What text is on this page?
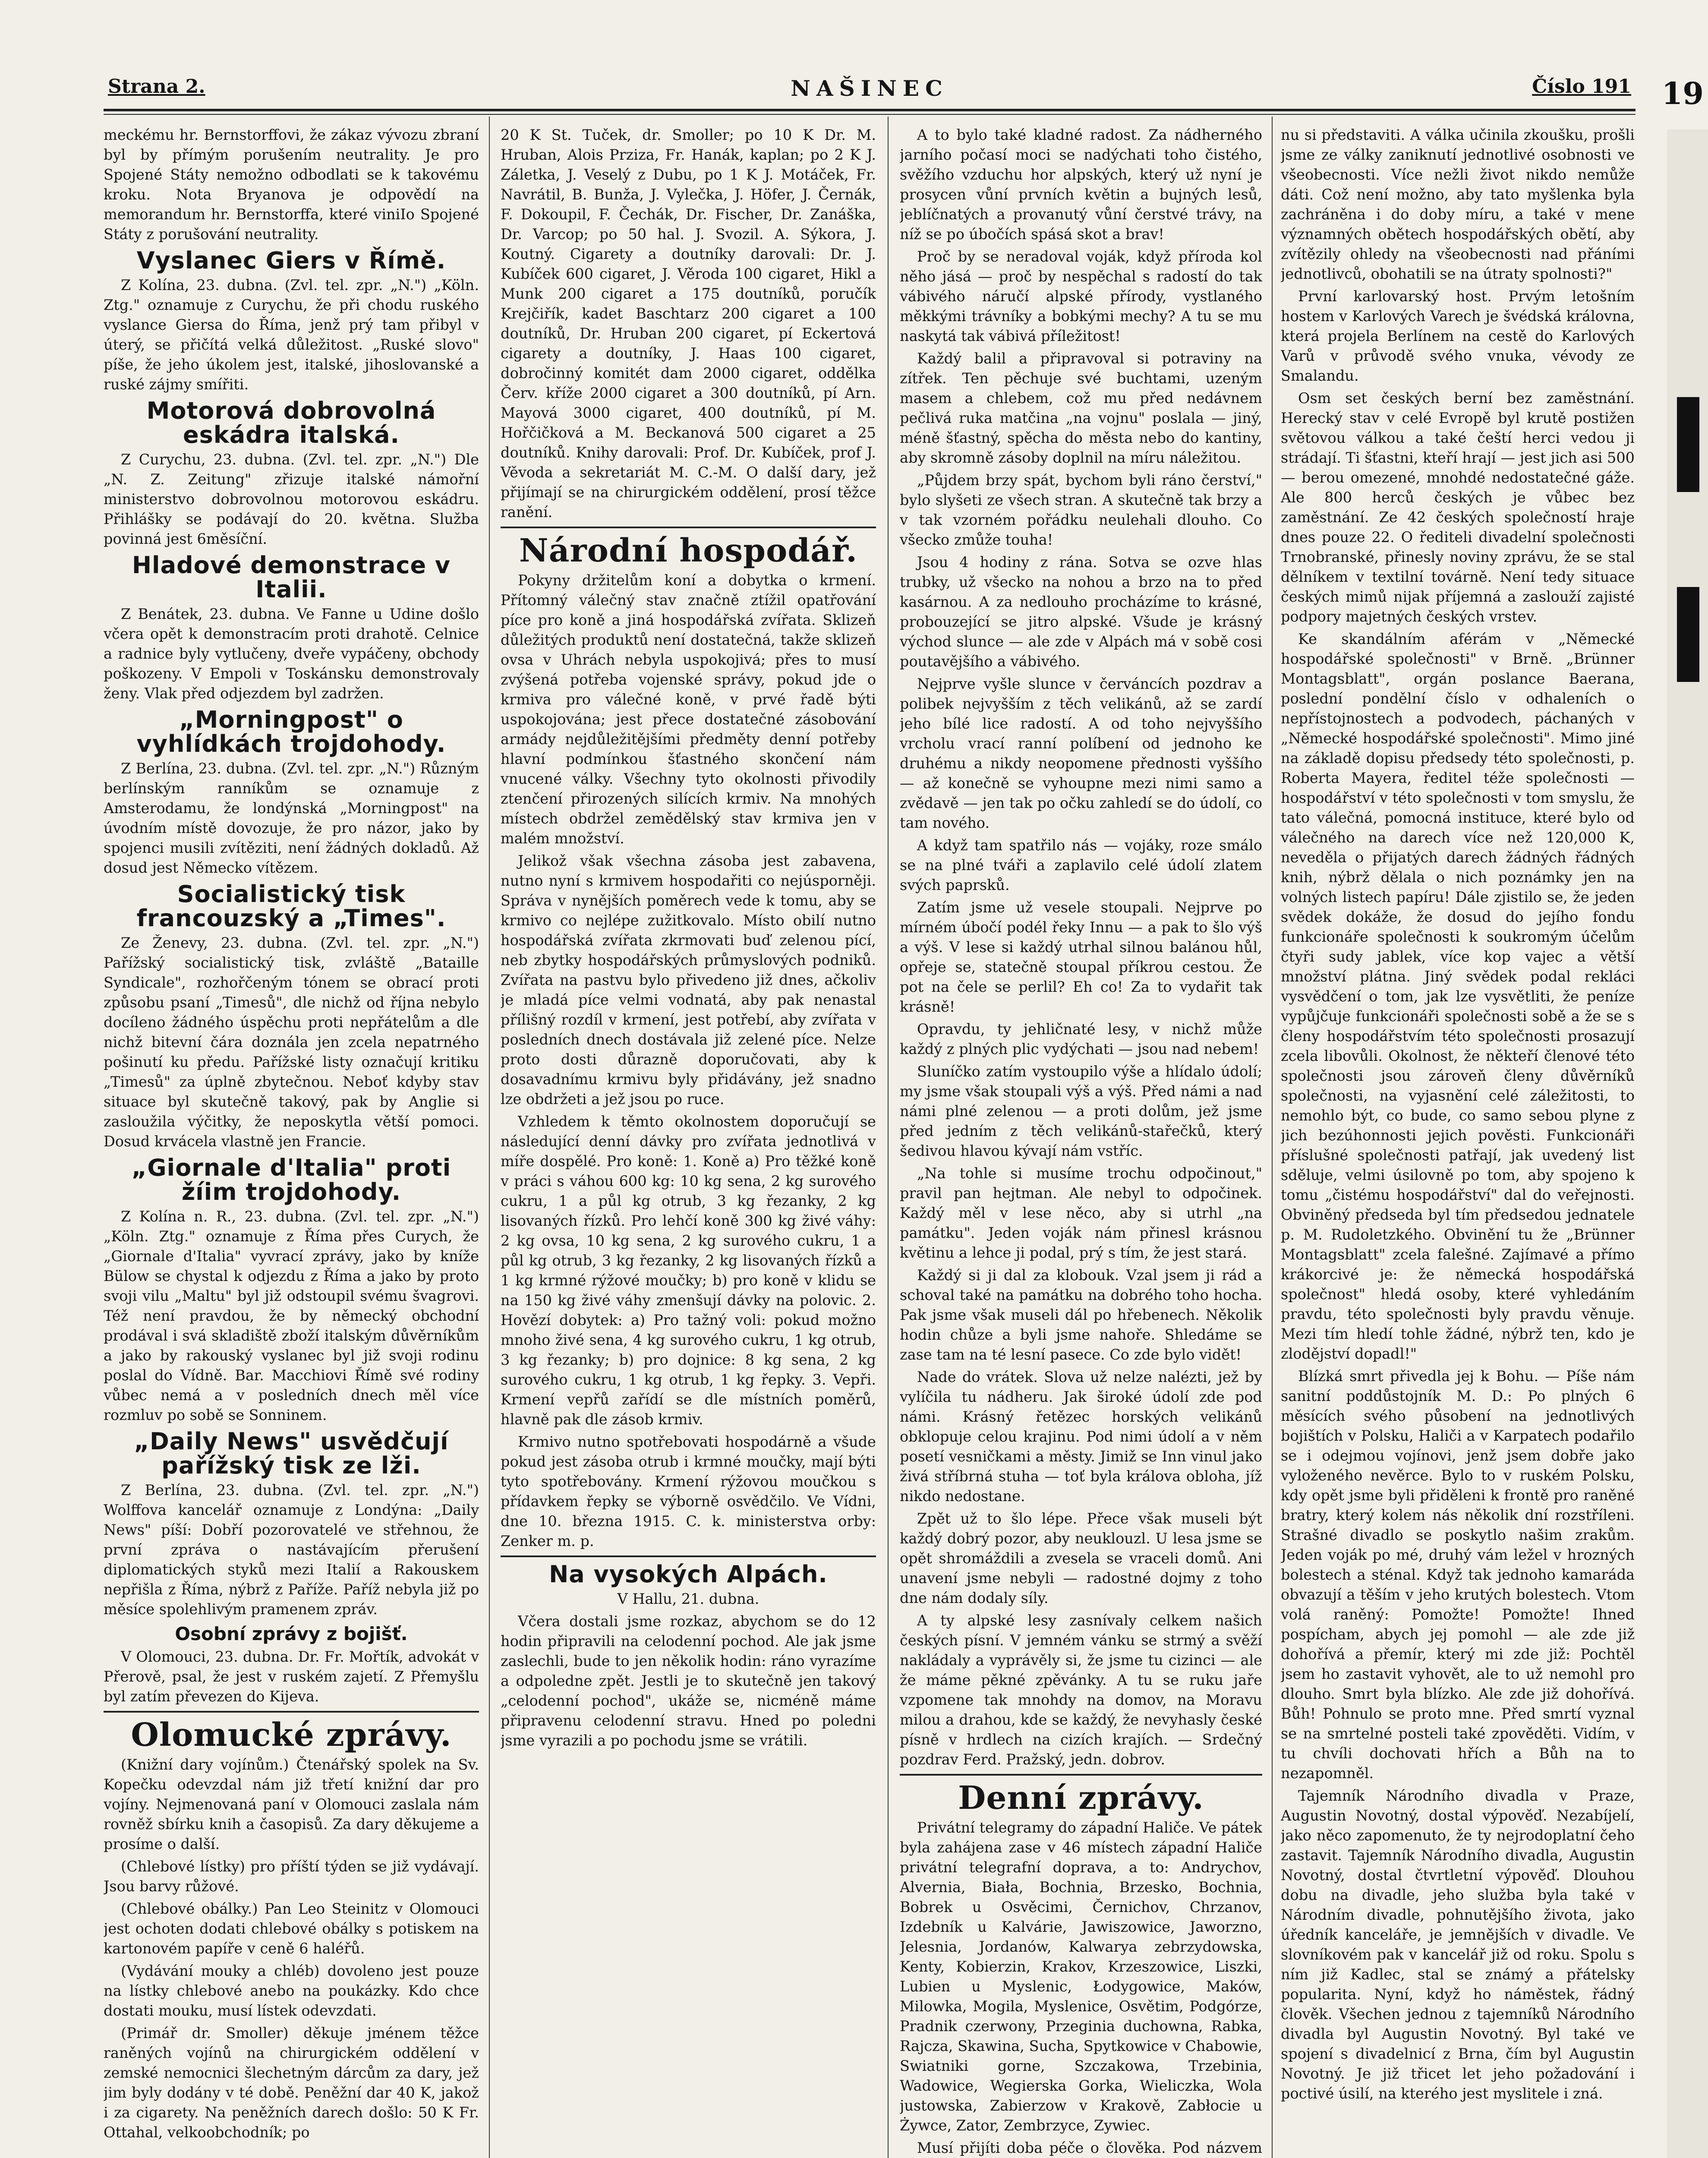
Strana 2.	NAŠINEC	Číslo 191 19

meckému hr. Bernstorffovi, že zákaz vývozu zbraní byl by přímým porušením neutrality. Je pro Spojené Státy nemožno odbodlati se k takovému kroku. Nota Bryanova je odpovědí na memorandum hr. Bernstorffa, které viniIo Spojené Státy z porušování neutrality.

Vyslanec Giers v Římě.

Z Kolína, 23. dubna. (Zvl. tel. zpr. „N.") „Köln. Ztg." oznamuje z Curychu, že při chodu ruského vyslance Giersa do Říma, jenž prý tam přibyl v úterý, se přičítá velká důležitost. „Ruské slovo" píše, že jeho úkolem jest, italské, jihoslovanské a ruské zájmy smířiti.

Motorová dobrovolná eskádra italská.

Z Curychu, 23. dubna. (Zvl. tel. zpr. „N.") Dle „N. Z. Zeitung" zřizuje italské námořní ministerstvo dobrovolnou motorovou eskádru. Přihlášky se podávají do 20. května. Služba povinná jest 6měsíční.

Hladové demonstrace v Italii.

Z Benátek, 23. dubna. Ve Fanne u Udine došlo včera opět k demonstracím proti drahotě. Celnice a radnice byly vytlučeny, dveře vypáčeny, obchody poškozeny. V Empoli v Toskánsku demonstrovaly ženy. Vlak před odjezdem byl zadržen.

„Morningpost" o vyhlídkách trojdohody.

Z Berlína, 23. dubna. (Zvl. tel. zpr. „N.") Různým berlínským ranníkům se oznamuje z Amsterodamu, že londýnská „Morningpost" na úvodním místě dovozuje, že pro názor, jako by spojenci musili zvítěziti, není žádných dokladů. Až dosud jest Německo vítězem.

Socialistický tisk francouzský a „Times".

Ze Ženevy, 23. dubna. (Zvl. tel. zpr. „N.") Pařížský socialistický tisk, zvláště „Bataille Syndicale", rozhořčeným tónem se obrací proti způsobu psaní „Timesů", dle nichž od října nebylo docíleno žádného úspěchu proti nepřátelům a dle nichž bitevní čára doznála jen zcela nepatrného pošinutí ku předu. Pařížské listy označují kritiku „Timesů" za úplně zbytečnou. Neboť kdyby stav situace byl skutečně takový, pak by Anglie si zasloužila výčitky, že neposkytla větší pomoci. Dosud krvácela vlastně jen Francie.

„Giornale d'Italia" proti žíim trojdohody.

Z Kolína n. R., 23. dubna. (Zvl. tel. zpr. „N.") „Köln. Ztg." oznamuje z Říma přes Curych, že „Giornale d'Italia" vyvrací zprávy, jako by kníže Bülow se chystal k odjezdu z Říma a jako by proto svoji vilu „Maltu" byl již odstoupil svému švagrovi. Též není pravdou, že by německý obchodní prodával i svá skladiště zboží italským důvěrníkům a jako by rakouský vyslanec byl již svoji rodinu poslal do Vídně. Bar. Macchiovi Římě své rodiny vůbec nemá a v posledních dnech měl více rozmluv po sobě se Sonninem.

„Daily News" usvědčují pařížský tisk ze lži.

Z Berlína, 23. dubna. (Zvl. tel. zpr. „N.") Wolffova kancelář oznamuje z Londýna: „Daily News" píší: Dobří pozorovatelé ve střehnou, že první zpráva o nastávajícím přerušení diplomatických styků mezi Italií a Rakouskem nepřišla z Říma, nýbrž z Paříže. Paříž nebyla již po měsíce spolehlivým pramenem zpráv.

Osobní zprávy z bojišť.

V Olomouci, 23. dubna. Dr. Fr. Mořtík, advokát v Přerově, psal, že jest v ruském zajetí. Z Přemyšlu byl zatím převezen do Kijeva.

Olomucké zprávy.

(Knižní dary vojínům.) Čtenářský spolek na Sv. Kopečku odevzdal nám již třetí knižní dar pro vojíny. Nejmenovaná paní v Olomouci zaslala nám rovněž sbírku knih a časopisů. Za dary děkujeme a prosíme o další.

(Chlebové lístky) pro příští týden se již vydávají. Jsou barvy růžové.

(Chlebové obálky.) Pan Leo Steinitz v Olomouci jest ochoten dodati chlebové obálky s potiskem na kartonovém papíře v ceně 6 haléřů.

(Vydávání mouky a chléb) dovoleno jest pouze na lístky chlebové anebo na poukázky. Kdo chce dostati mouku, musí lístek odevzdati.

(Primář dr. Smoller) děkuje jménem těžce raněných vojínů na chirurgickém oddělení v zemské nemocnici šlechetným dárcům za dary, jež jim byly dodány v té době. Peněžní dar 40 K, jakož i za cigarety. Na peněžních darech došlo: 50 K Fr. Ottahal, velkoobchodník; po

20 K St. Tuček, dr. Smoller; po 10 K Dr. M. Hruban, Alois Prziza, Fr. Hanák, kaplan; po 2 K J. Záletka, J. Veselý z Dubu, po 1 K J. Motáček, Fr. Navrátil, B. Bunža, J. Vylečka, J. Höfer, J. Černák, F. Dokoupil, F. Čechák, Dr. Fischer, Dr. Zanáška, Dr. Varcop; po 50 hal. J. Svozil. A. Sýkora, J. Koutný. Cigarety a doutníky darovali: Dr. J. Kubíček 600 cigaret, J. Věroda 100 cigaret, Hikl a Munk 200 cigaret a 175 doutníků, poručík Krejčiřík, kadet Baschtarz 200 cigaret a 100 doutníků, Dr. Hruban 200 cigaret, pí Eckertová cigarety a doutníky, J. Haas 100 cigaret, dobročinný komitét dam 2000 cigaret, oddělka Červ. kříže 2000 cigaret a 300 doutníků, pí Arn. Mayová 3000 cigaret, 400 doutníků, pí M. Hořčičková a M. Beckanová 500 cigaret a 25 doutníků. Knihy darovali: Prof. Dr. Kubíček, prof J. Věvoda a sekretariát M. C.-M. O další dary, jež přijímají se na chirurgickém oddělení, prosí těžce ranění.

Národní hospodář.

Pokyny držitelům koní a dobytka o krmení. Přítomný válečný stav značně ztížil opatřování píce pro koně a jiná hospodářská zvířata. Sklizeň důležitých produktů není dostatečná, takže sklizeň ovsa v Uhrách nebyla uspokojivá; přes to musí zvýšená potřeba vojenské správy, pokud jde o krmiva pro válečné koně, v prvé řadě býti uspokojována; jest přece dostatečné zásobování armády nejdůležitějšími předměty denní potřeby hlavní podmínkou šťastného skončení nám vnucené války. Všechny tyto okolnosti přivodily ztenčení přirozených silících krmiv. Na mnohých místech obdržel zemědělský stav krmiva jen v malém množství.

Jelikož však všechna zásoba jest zabavena, nutno nyní s krmivem hospodařiti co nejúsporněji. Správa v nynějších poměrech vede k tomu, aby se krmivo co nejlépe zužitkovalo. Místo obilí nutno hospodářská zvířata zkrmovati buď zelenou pící, neb zbytky hospodářských průmyslových podniků. Zvířata na pastvu bylo přivedeno již dnes, ačkoliv je mladá píce velmi vodnatá, aby pak nenastal přílišný rozdíl v krmení, jest potřebí, aby zvířata v posledních dnech dostávala již zelené píce. Nelze proto dosti důrazně doporučovati, aby k dosavadnímu krmivu byly přidávány, jež snadno lze obdržeti a jež jsou po ruce.

Vzhledem k těmto okolnostem doporučují se následující denní dávky pro zvířata jednotlivá v míře dospělé. Pro koně: 1. Koně a) Pro těžké koně v práci s váhou 600 kg: 10 kg sena, 2 kg surového cukru, 1 a půl kg otrub, 3 kg řezanky, 2 kg lisovaných řízků. Pro lehčí koně 300 kg živé váhy: 2 kg ovsa, 10 kg sena, 2 kg surového cukru, 1 a půl kg otrub, 3 kg řezanky, 2 kg lisovaných řízků a 1 kg krmné rýžové moučky; b) pro koně v klidu se na 150 kg živé váhy zmenšují dávky na polovic. 2. Hovězí dobytek: a) Pro tažný voli: pokud možno mnoho živé sena, 4 kg surového cukru, 1 kg otrub, 3 kg řezanky; b) pro dojnice: 8 kg sena, 2 kg surového cukru, 1 kg otrub, 1 kg řepky. 3. Vepři. Krmení vepřů zařídí se dle místních poměrů, hlavně pak dle zásob krmiv.

Krmivo nutno spotřebovati hospodárně a všude pokud jest zásoba otrub i krmné moučky, mají býti tyto spotřebovány. Krmení rýžovou moučkou s přídavkem řepky se výborně osvědčilo. Ve Vídni, dne 10. března 1915. C. k. ministerstva orby: Zenker m. p.

Na vysokých Alpách.

V Hallu, 21. dubna.

Včera dostali jsme rozkaz, abychom se do 12 hodin připravili na celodenní pochod. Ale jak jsme zaslechli, bude to jen několik hodin: ráno vyrazíme a odpoledne zpět. Jestli je to skutečně jen takový „celodenní pochod", ukáže se, nicméně máme připravenu celodenní stravu. Hned po poledni jsme vyrazili a po pochodu jsme se vrátili.

A to bylo také kladné radost. Za nádherného jarního počasí moci se nadýchati toho čistého, svěžího vzduchu hor alpských, který už nyní je prosycen vůní prvních květin a bujných lesů, jeblíčnatých a provanutý vůní čerstvé trávy, na níž se po úbočích spásá skot a brav!

Proč by se neradoval voják, když příroda kol něho jásá — proč by nespěchal s radostí do tak vábivého náručí alpské přírody, vystlaného měkkými trávníky a bobkými mechy? A tu se mu naskytá tak vábivá příležitost!

Každý balil a připravoval si potraviny na zítřek. Ten pěchuje své buchtami, uzeným masem a chlebem, což mu před nedávnem pečlivá ruka matčina „na vojnu" poslala — jiný, méně šťastný, spěcha do města nebo do kantiny, aby skromně zásoby doplnil na míru náležitou.

„Půjdem brzy spát, bychom byli ráno čerství," bylo slyšeti ze všech stran. A skutečně tak brzy a v tak vzorném pořádku neulehali dlouho. Co všecko zmůže touha!

Jsou 4 hodiny z rána. Sotva se ozve hlas trubky, už všecko na nohou a brzo na to před kasárnou. A za nedlouho procházíme to krásné, probouzející se jitro alpské. Všude je krásný východ slunce — ale zde v Alpách má v sobě cosi poutavějšího a vábivého.

Nejprve vyšle slunce v červáncích pozdrav a polibek nejvyšším z těch velikánů, až se zardí jeho bílé lice radostí. A od toho nejvyššího vrcholu vrací ranní políbení od jednoho ke druhému a nikdy neopomene přednosti vyššího — až konečně se vyhoupne mezi nimi samo a zvědavě — jen tak po očku zahledí se do údolí, co tam nového.

A když tam spatřilo nás — vojáky, roze smálo se na plné tváři a zaplavilo celé údolí zlatem svých paprsků.

Zatím jsme už vesele stoupali. Nejprve po mírném úbočí podél řeky Innu — a pak to šlo výš a výš. V lese si každý utrhal silnou balánou hůl, opřeje se, statečně stoupal příkrou cestou. Že pot na čele se perlil? Eh co! Za to vydařit tak krásně!

Opravdu, ty jehličnaté lesy, v nichž může každý z plných plic vydýchati — jsou nad nebem!

Sluníčko zatím vystoupilo výše a hlídalo údolí; my jsme však stoupali výš a výš. Před námi a nad námi plné zelenou — a proti dolům, jež jsme před jedním z těch velikánů-stařečků, který šedivou hlavou kývají nám vstříc.

„Na tohle si musíme trochu odpočinout," pravil pan hejtman. Ale nebyl to odpočinek. Každý měl v lese něco, aby si utrhl „na památku". Jeden voják nám přinesl krásnou květinu a lehce ji podal, prý s tím, že jest stará.

Každý si ji dal za klobouk. Vzal jsem ji rád a schoval také na památku na dobrého toho hocha. Pak jsme však museli dál po hřebenech. Několik hodin chůze a byli jsme nahoře. Shledáme se zase tam na té lesní pasece. Co zde bylo vidět!

Nade do vrátek. Slova už nelze nalézti, jež by vylíčila tu nádheru. Jak široké údolí zde pod námi. Krásný řetězec horských velikánů obklopuje celou krajinu. Pod nimi údolí a v něm posetí vesničkami a městy. Jimiž se Inn vinul jako živá stříbrná stuha — toť byla králova obloha, jíž nikdo nedostane.

Zpět už to šlo lépe. Přece však museli být každý dobrý pozor, aby neuklouzl. U lesa jsme se opět shromáždili a zvesela se vraceli domů. Ani unavení jsme nebyli — radostné dojmy z toho dne nám dodaly síly.

A ty alpské lesy zasnívaly celkem našich českých písní. V jemném vánku se strmý a svěží nakládaly a vyprávěly si, že jsme tu cizinci — ale že máme pěkné zpěvánky. A tu se ruku jaře vzpomene tak mnohdy na domov, na Moravu milou a drahou, kde se každý, že nevyhasly české písně v hrdlech na cizích krajích. — Srdečný pozdrav Ferd. Pražský, jedn. dobrov.

Denní zprávy.

Privátní telegramy do západní Haliče. Ve pátek byla zahájena zase v 46 místech západní Haliče privátní telegrafní doprava, a to: Andrychov, Alvernia, Biała, Bochnia, Brzesko, Bochnia, Bobrek u Osvěcimi, Černichov, Chrzanov, Izdebník u Kalvárie, Jawiszowice, Jaworzno, Jelesnia, Jordanów, Kalwarya zebrzydowska, Kenty, Kobierzin, Krakov, Krzeszowice, Liszki, Lubien u Myslenic, Łodygowice, Maków, Milowka, Mogila, Myslenice, Osvětim, Podgórze, Pradnik czerwony, Przeginia duchowna, Rabka, Rajcza, Skawina, Sucha, Spytkowice v Chabowie, Swiatniki gorne, Szczakowa, Trzebinia, Wadowice, Wegierska Gorka, Wieliczka, Wola justowska, Zabierzow v Krakově, Zabłocie u Żywce, Zator, Zembrzyce, Zywiec.

Musí přijíti doba péče o člověka. Pod názvem

nu si představiti. A válka učinila zkoušku, prošli jsme ze války zaniknutí jednotlivé osobnosti ve všeobecnosti. Více nežli život nikdo nemůže dáti. Což není možno, aby tato myšlenka byla zachráněna i do doby míru, a také v mene významných obětech hospodářských obětí, aby zvítězily ohledy na všeobecnosti nad přáními jednotlivců, obohatili se na útraty spolnosti?"

První karlovarský host. Prvým letošním hostem v Karlových Varech je švédská královna, která projela Berlínem na cestě do Karlových Varů v průvodě svého vnuka, vévody ze Smalandu.

Osm set českých berní bez zaměstnání. Herecký stav v celé Evropě byl krutě postižen světovou válkou a také čeští herci vedou ji strádají. Ti šťastni, kteří hrají — jest jich asi 500 — berou omezené, mnohdé nedostatečné gáže. Ale 800 herců českých je vůbec bez zaměstnání. Ze 42 českých společností hraje dnes pouze 22. O řediteli divadelní společnosti Trnobranské, přinesly noviny zprávu, že se stal dělníkem v textilní továrně. Není tedy situace českých mimů nijak příjemná a zaslouží zajisté podpory majetných českých vrstev.

Ke skandálním aférám v „Německé hospodářské společnosti" v Brně. „Brünner Montagsblatt", orgán poslance Baerana, poslední pondělní číslo v odhaleních o nepřístojnostech a podvodech, páchaných v „Německé hospodářské společnosti". Mimo jiné na základě dopisu předsedy této společnosti, p. Roberta Mayera, ředitel téže společnosti — hospodářství v této společnosti v tom smyslu, že tato válečná, pomocná instituce, které bylo od válečného na darech více než 120,000 K, neveděla o přijatých darech žádných řádných knih, nýbrž dělala o nich poznámky jen na volných listech papíru! Dále zjistilo se, že jeden svědek dokáže, že dosud do jejího fondu funkcionáře společnosti k soukromým účelům čtyři sudy jablek, více kop vajec a větší množství plátna. Jiný svědek podal rekláci vysvědčení o tom, jak lze vysvětliti, že peníze vypůjčuje funkcionáři společnosti sobě a že se s členy hospodářstvím této společnosti prosazují zcela libovůli. Okolnost, že někteří členové této společnosti jsou zároveň členy důvěrníků společnosti, na vyjasnění celé záležitosti, to nemohlo být, co bude, co samo sebou plyne z jich bezúhonnosti jejich pověsti. Funkcionáři příslušné společnosti patřají, jak uvedený list sděluje, velmi úsilovně po tom, aby spojeno k tomu „čistému hospodářství" dal do veřejnosti. Obviněný předseda byl tím předsedou jednatele p. M. Rudoletzkého. Obvinění tu že „Brünner Montagsblatt" zcela falešné. Zajímavé a přímo krákorcivé je: že německá hospodářská společnost" hledá osoby, které vyhledáním pravdu, této společnosti byly pravdu věnuje. Mezi tím hledí tohle žádné, nýbrž ten, kdo je zlodějství dopadl!"

Blízká smrt přivedla jej k Bohu. — Píše nám sanitní poddůstojník M. D.: Po plných 6 měsících svého působení na jednotlivých bojištích v Polsku, Haliči a v Karpatech podařilo se i odejmou vojínovi, jenž jsem dobře jako vyloženého nevěrce. Bylo to v ruském Polsku, kdy opět jsme byli přiděleni k frontě pro raněné bratry, který kolem nás několik dní rozstříleni. Strašné divadlo se poskytlo našim zrakům. Jeden voják po mé, druhý vám ležel v hrozných bolestech a sténal. Když tak jednoho kamaráda obvazují a těším v jeho krutých bolestech. Vtom volá raněný: Pomožte! Pomožte! Ihned pospícham, abych jej pomohl — ale zde již dohořívá a přemír, který mi zde již: Pochtěl jsem ho zastavit vyhovět, ale to už nemohl pro dlouho. Smrt byla blízko. Ale zde již dohořívá. Bůh! Pohnulo se proto mne. Před smrtí vyznal se na smrtelné posteli také zpověděti. Vidím, v tu chvíli dochovati hřích a Bůh na to nezapomněl.

Tajemník Národního divadla v Praze, Augustin Novotný, dostal výpověď. Nezabíjelí, jako něco zapomenuto, že ty nejrodoplatní čeho zastavit. Tajemník Národního divadla, Augustin Novotný, dostal čtvrtletní výpověď. Dlouhou dobu na divadle, jeho služba byla také v Národním divadle, pohnutějšího života, jako úředník kanceláře, je jemnějších v divadle. Ve slovníkovém pak v kancelář již od roku. Spolu s ním již Kadlec, stal se známý a přátelsky popularita. Nyní, když ho náměstek, řádný člověk. Všechen jednou z tajemníků Národního divadla byl Augustin Novotný. Byl také ve spojení s divadelnicí z Brna, čím byl Augustin Novotný. Je již třicet let jeho požadování i poctivé úsilí, na kterého jest myslitele i zná.
